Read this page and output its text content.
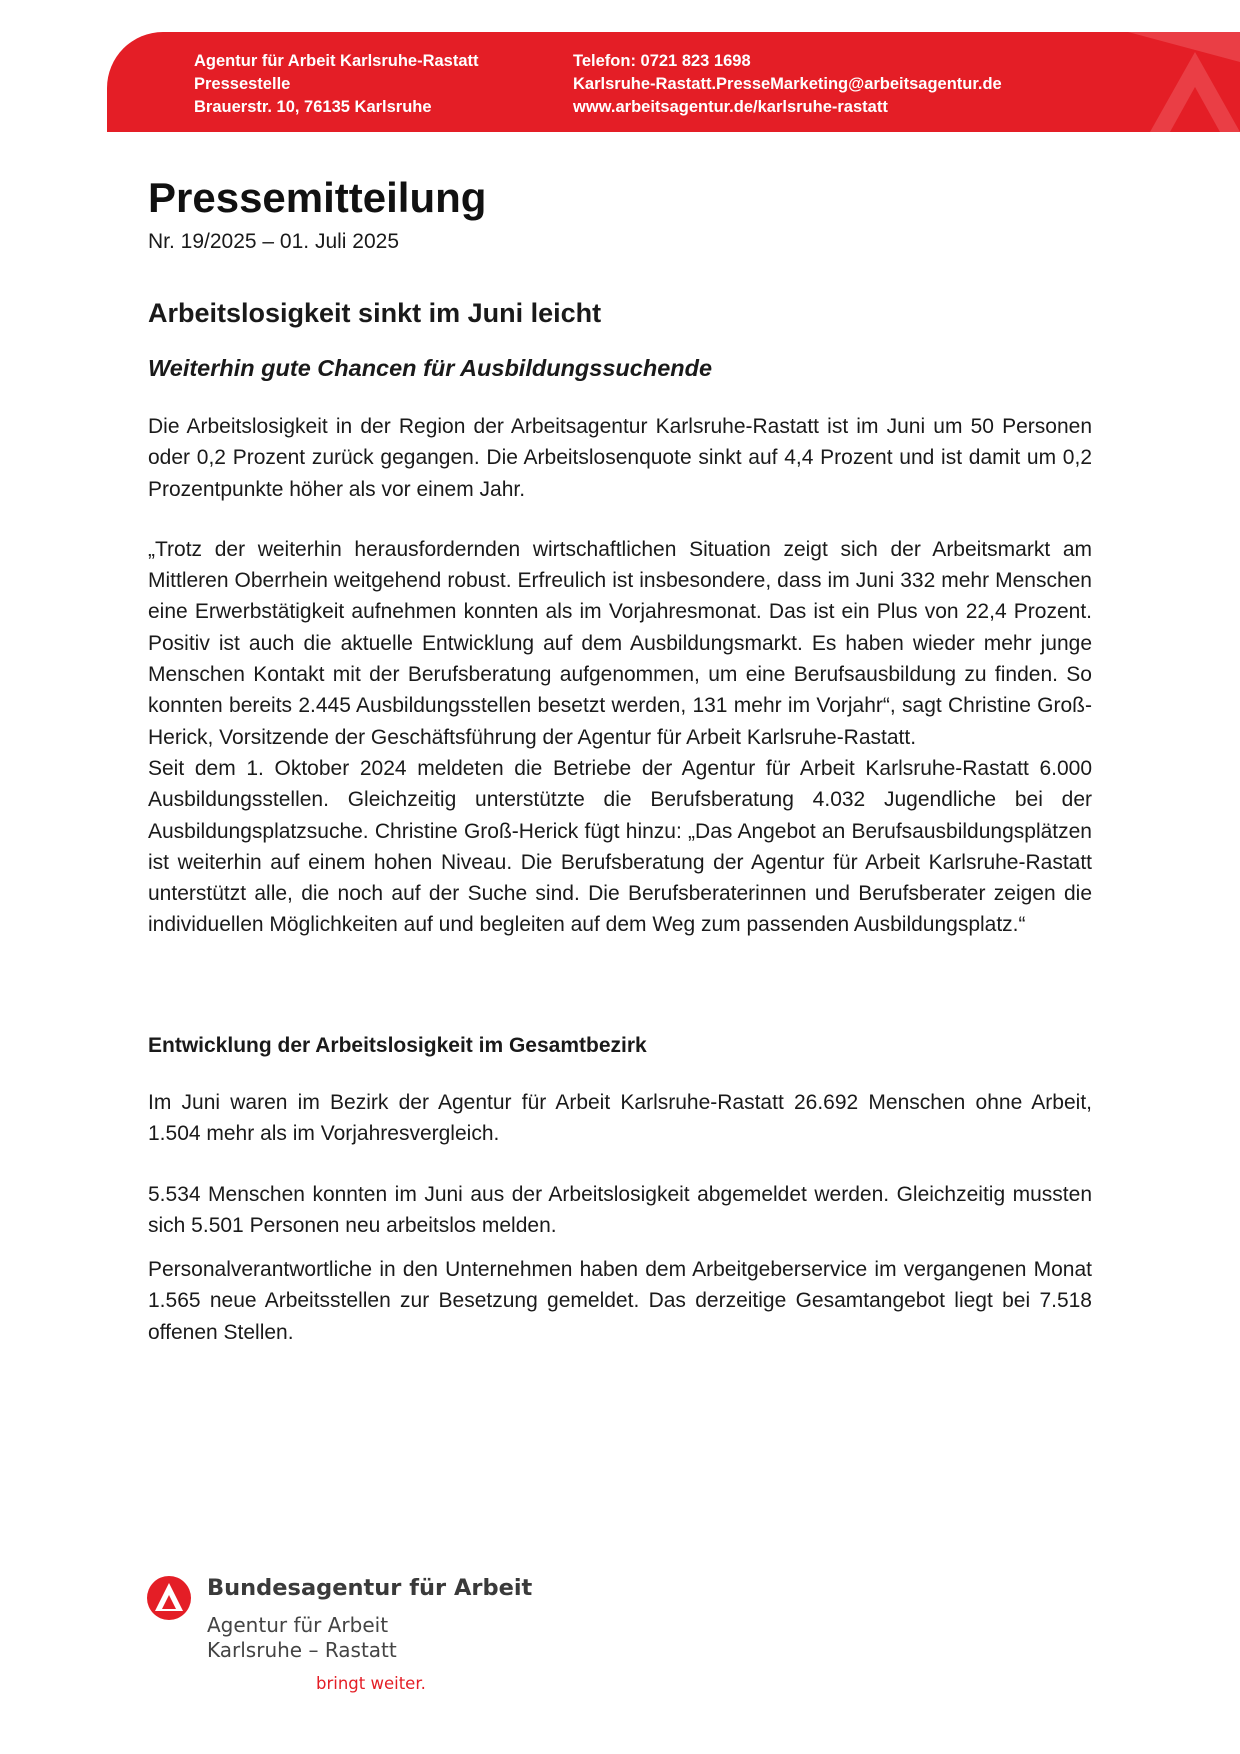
Agentur für Arbeit Karlsruhe-Rastatt
Pressestelle
Brauerstr. 10, 76135 Karlsruhe
Telefon: 0721 823 1698
Karlsruhe-Rastatt.PresseMarketing@arbeitsagentur.de
www.arbeitsagentur.de/karlsruhe-rastatt
Pressemitteilung
Nr. 19/2025 – 01. Juli 2025
Arbeitslosigkeit sinkt im Juni leicht
Weiterhin gute Chancen für Ausbildungssuchende

Die Arbeitslosigkeit in der Region der Arbeitsagentur Karlsruhe-Rastatt ist im Juni um 50 Personen oder 0,2 Prozent zurück gegangen. Die Arbeitslosenquote sinkt auf 4,4 Prozent und ist damit um 0,2 Prozentpunkte höher als vor einem Jahr.

„Trotz der weiterhin herausfordernden wirtschaftlichen Situation zeigt sich der Arbeitsmarkt am Mittleren Oberrhein weitgehend robust. Erfreulich ist insbesondere, dass im Juni 332 mehr Menschen eine Erwerbstätigkeit aufnehmen konnten als im Vorjahresmonat. Das ist ein Plus von 22,4 Prozent. Positiv ist auch die aktuelle Entwicklung auf dem Ausbildungsmarkt. Es haben wieder mehr junge Menschen Kontakt mit der Berufsberatung aufgenommen, um eine Berufsausbildung zu finden. So konnten bereits 2.445 Ausbildungsstellen besetzt werden, 131 mehr im Vorjahr“, sagt Christine Groß-Herick, Vorsitzende der Geschäftsführung der Agentur für Arbeit Karlsruhe-Rastatt.

Seit dem 1. Oktober 2024 meldeten die Betriebe der Agentur für Arbeit Karlsruhe-Rastatt 6.000 Ausbildungsstellen. Gleichzeitig unterstützte die Berufsberatung 4.032 Jugendliche bei der Ausbildungsplatzsuche. Christine Groß-Herick fügt hinzu: „Das Angebot an Berufsausbildungsplätzen ist weiterhin auf einem hohen Niveau. Die Berufsberatung der Agentur für Arbeit Karlsruhe-Rastatt unterstützt alle, die noch auf der Suche sind. Die Berufsberaterinnen und Berufsberater zeigen die individuellen Möglichkeiten auf und begleiten auf dem Weg zum passenden Ausbildungsplatz.“

Entwicklung der Arbeitslosigkeit im Gesamtbezirk

Im Juni waren im Bezirk der Agentur für Arbeit Karlsruhe-Rastatt 26.692 Menschen ohne Arbeit, 1.504 mehr als im Vorjahresvergleich.

5.534 Menschen konnten im Juni aus der Arbeitslosigkeit abgemeldet werden. Gleichzeitig mussten sich 5.501 Personen neu arbeitslos melden.

Personalverantwortliche in den Unternehmen haben dem Arbeitgeberservice im vergangenen Monat 1.565 neue Arbeitsstellen zur Besetzung gemeldet. Das derzeitige Gesamtangebot liegt bei 7.518 offenen Stellen.

Bundesagentur für Arbeit
Agentur für Arbeit
Karlsruhe – Rastatt
bringt weiter.
